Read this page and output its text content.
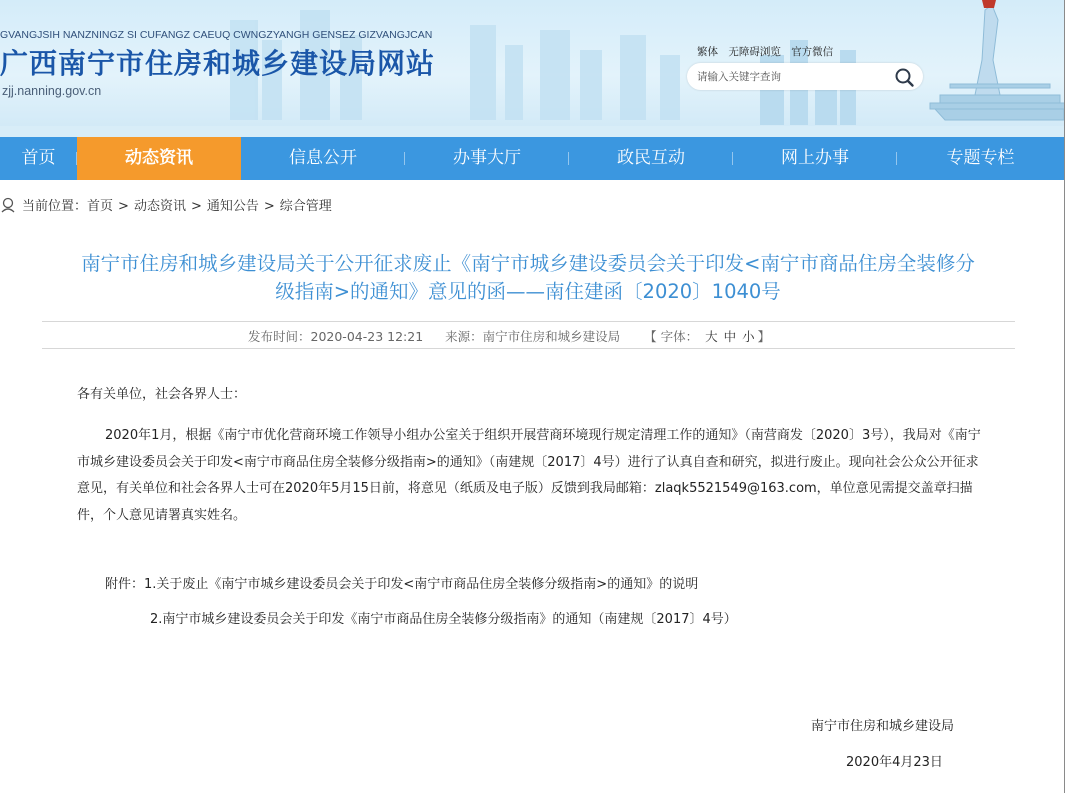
GVANGJSIH NANZNINGZ SI CUFANGZ CAEUQ CWNGZYANGH GENSEZ GIZVANGJCAN
广西南宁市住房和城乡建设局网站
zjj.nanning.gov.cn
繁体 无障碍浏览 官方微信
请输入关键字查询
首页	动态资讯	信息公开	办事大厅	政民互动	网上办事	专题专栏
当前位置：首页 > 动态资讯 > 通知公告 > 综合管理
南宁市住房和城乡建设局关于公开征求废止《南宁市城乡建设委员会关于印发<南宁市商品住房全装修分
级指南>的通知》意见的函——南住建函〔2020〕1040号
发布时间：2020-04-23 12:21 来源：南宁市住房和城乡建设局 【 字体： 大 中 小 】

各有关单位，社会各界人士：

2020年1月，根据《南宁市优化营商环境工作领导小组办公室关于组织开展营商环境现行规定清理工作的通知》（南营商发〔2020〕3号），我局对《南宁市城乡建设委员会关于印发<南宁市商品住房全装修分级指南>的通知》（南建规〔2017〕4号）进行了认真自查和研究，拟进行废止。现向社会公众公开征求意见，有关单位和社会各界人士可在2020年5月15日前，将意见（纸质及电子版）反馈到我局邮箱：zlaqk5521549@163.com，单位意见需提交盖章扫描件，个人意见请署真实姓名。

附件：1.关于废止《南宁市城乡建设委员会关于印发<南宁市商品住房全装修分级指南>的通知》的说明

2.南宁市城乡建设委员会关于印发《南宁市商品住房全装修分级指南》的通知（南建规〔2017〕4号）

南宁市住房和城乡建设局

2020年4月23日
